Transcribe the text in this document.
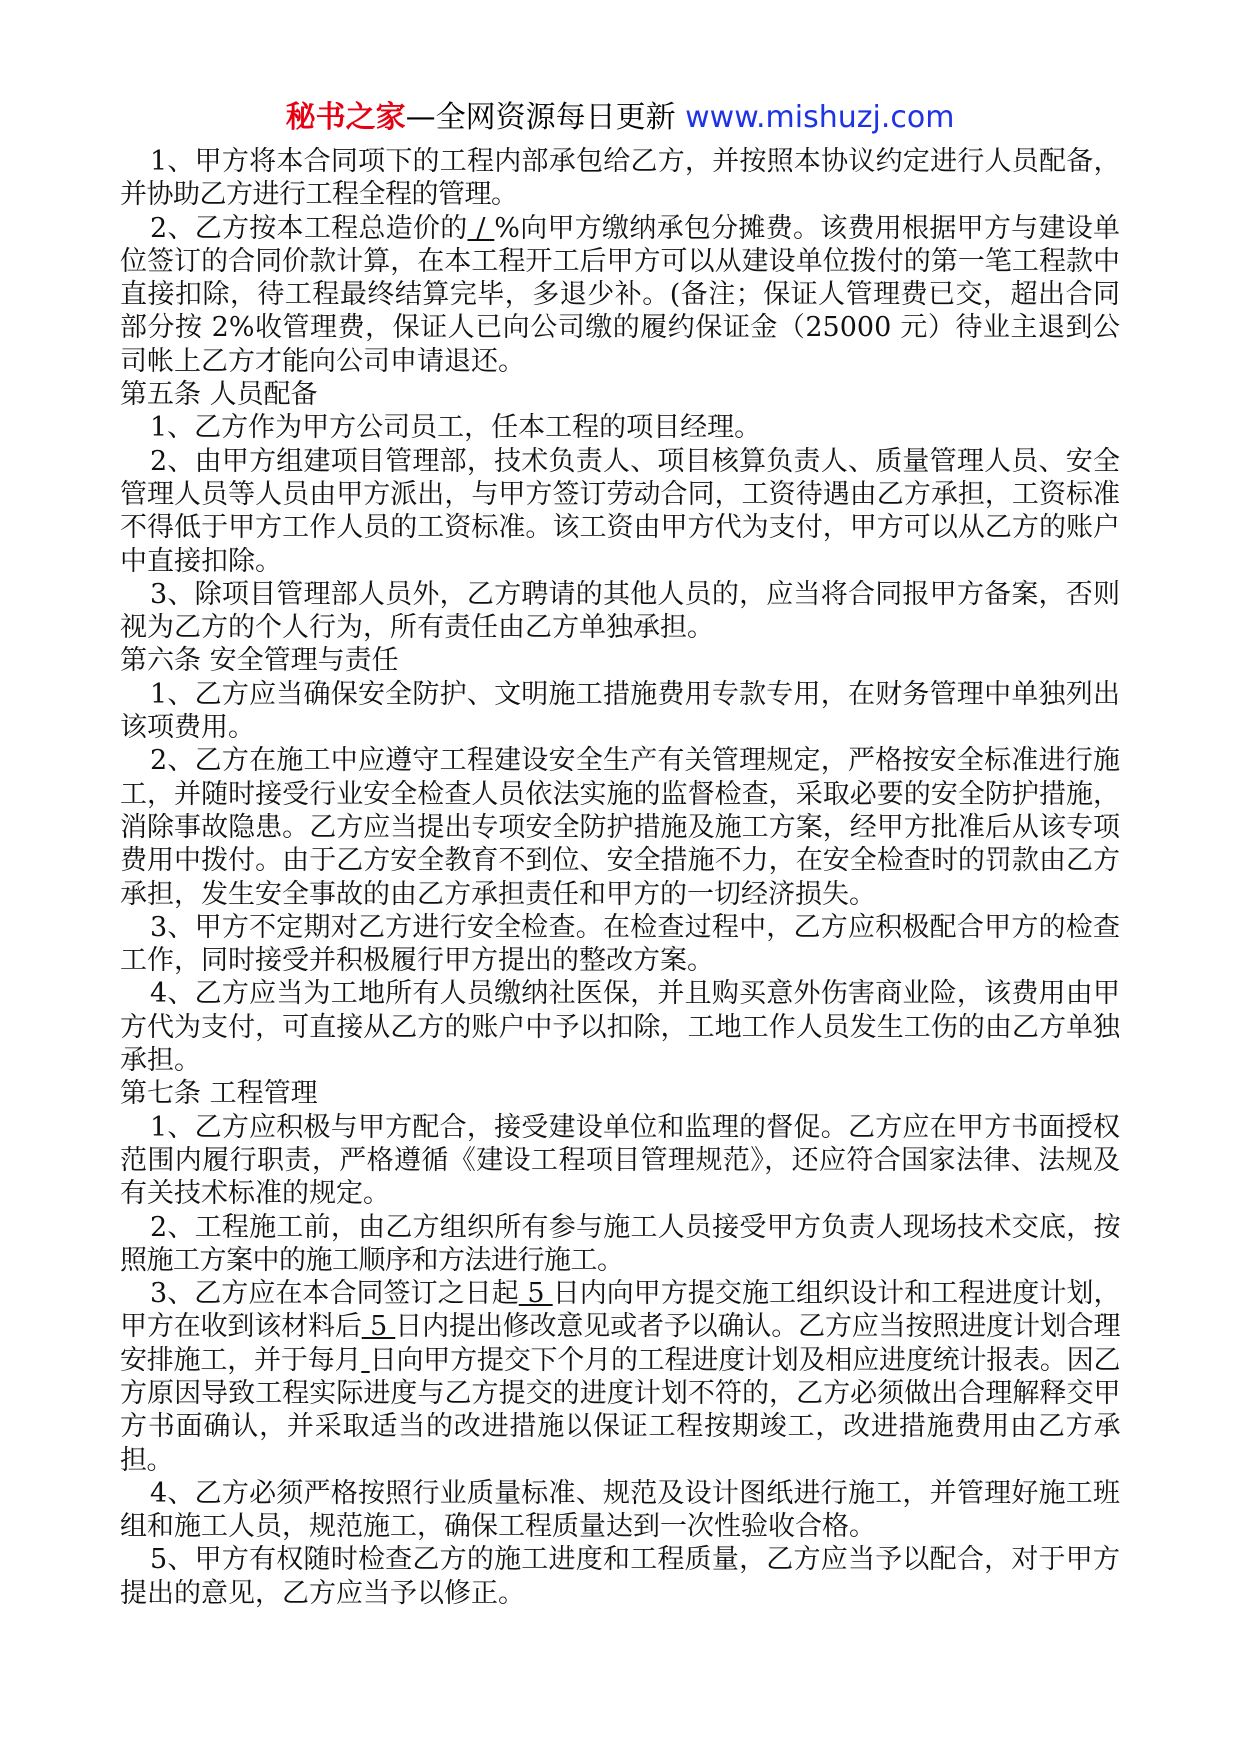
秘书之家—全网资源每日更新 www.mishuzj.com

1、甲方将本合同项下的工程内部承包给乙方，并按照本协议约定进行人员配备，并协助乙方进行工程全程的管理。

2、乙方按本工程总造价的 / %向甲方缴纳承包分摊费。该费用根据甲方与建设单位签订的合同价款计算，在本工程开工后甲方可以从建设单位拨付的第一笔工程款中直接扣除，待工程最终结算完毕，多退少补。(备注；保证人管理费已交，超出合同部分按 2%收管理费，保证人已向公司缴的履约保证金（25000 元）待业主退到公司帐上乙方才能向公司申请退还。

第五条 人员配备

1、乙方作为甲方公司员工，任本工程的项目经理。

2、由甲方组建项目管理部，技术负责人、项目核算负责人、质量管理人员、安全管理人员等人员由甲方派出，与甲方签订劳动合同，工资待遇由乙方承担，工资标准不得低于甲方工作人员的工资标准。该工资由甲方代为支付，甲方可以从乙方的账户中直接扣除。

3、除项目管理部人员外，乙方聘请的其他人员的，应当将合同报甲方备案，否则视为乙方的个人行为，所有责任由乙方单独承担。

第六条 安全管理与责任

1、乙方应当确保安全防护、文明施工措施费用专款专用，在财务管理中单独列出该项费用。

2、乙方在施工中应遵守工程建设安全生产有关管理规定，严格按安全标准进行施工，并随时接受行业安全检查人员依法实施的监督检查，采取必要的安全防护措施，消除事故隐患。乙方应当提出专项安全防护措施及施工方案，经甲方批准后从该专项费用中拨付。由于乙方安全教育不到位、安全措施不力，在安全检查时的罚款由乙方承担，发生安全事故的由乙方承担责任和甲方的一切经济损失。

3、甲方不定期对乙方进行安全检查。在检查过程中，乙方应积极配合甲方的检查工作，同时接受并积极履行甲方提出的整改方案。

4、乙方应当为工地所有人员缴纳社医保，并且购买意外伤害商业险，该费用由甲方代为支付，可直接从乙方的账户中予以扣除，工地工作人员发生工伤的由乙方单独承担。

第七条 工程管理

1、乙方应积极与甲方配合，接受建设单位和监理的督促。乙方应在甲方书面授权范围内履行职责，严格遵循《建设工程项目管理规范》，还应符合国家法律、法规及有关技术标准的规定。

2、工程施工前，由乙方组织所有参与施工人员接受甲方负责人现场技术交底，按照施工方案中的施工顺序和方法进行施工。

3、乙方应在本合同签订之日起 5 日内向甲方提交施工组织设计和工程进度计划，甲方在收到该材料后 5 日内提出修改意见或者予以确认。乙方应当按照进度计划合理安排施工，并于每月 日向甲方提交下个月的工程进度计划及相应进度统计报表。因乙方原因导致工程实际进度与乙方提交的进度计划不符的，乙方必须做出合理解释交甲方书面确认，并采取适当的改进措施以保证工程按期竣工，改进措施费用由乙方承担。

4、乙方必须严格按照行业质量标准、规范及设计图纸进行施工，并管理好施工班组和施工人员，规范施工，确保工程质量达到一次性验收合格。

5、甲方有权随时检查乙方的施工进度和工程质量，乙方应当予以配合，对于甲方提出的意见，乙方应当予以修正。
